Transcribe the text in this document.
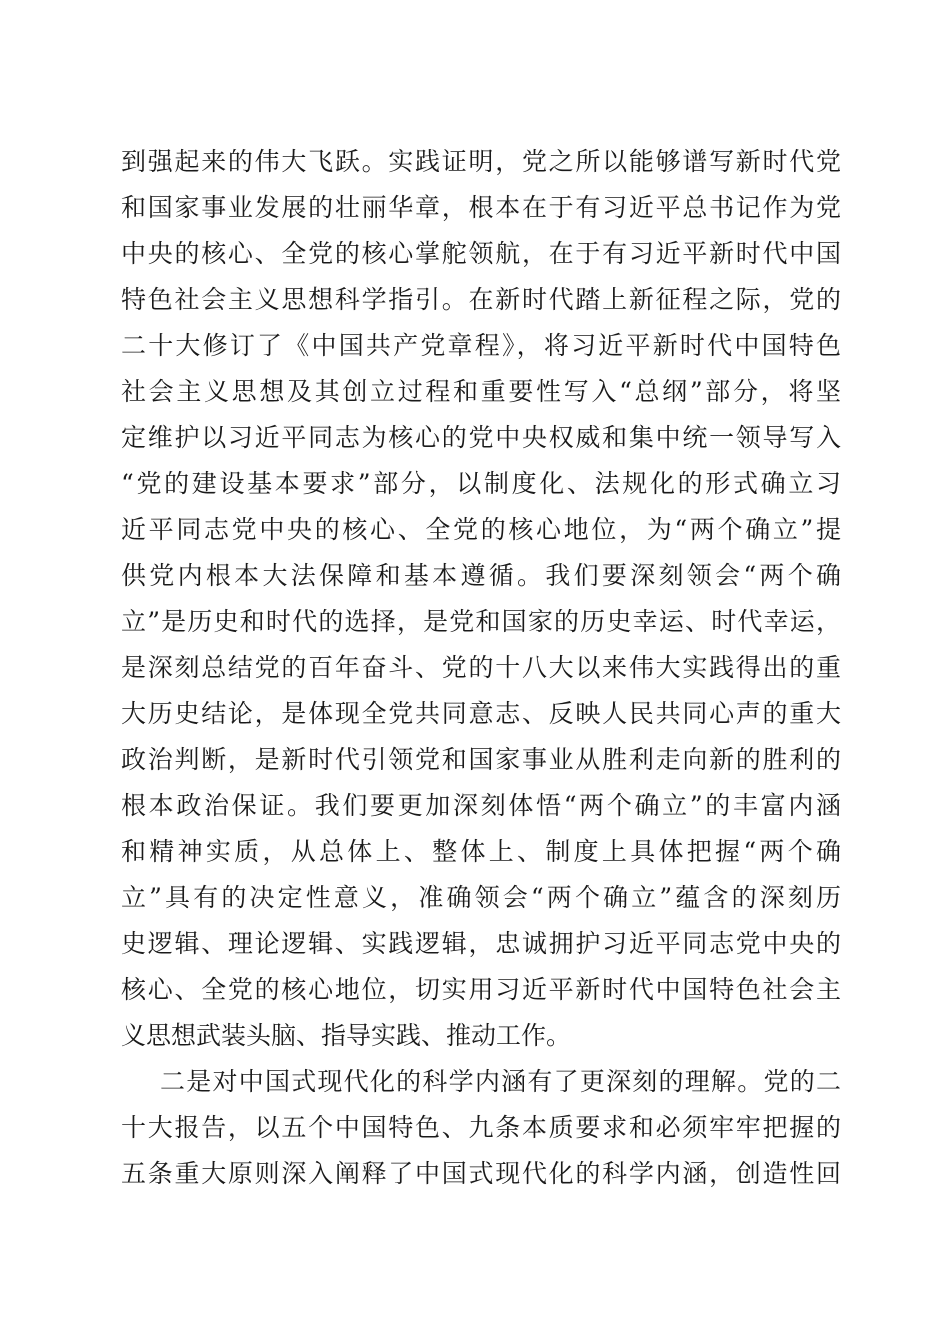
到强起来的伟大飞跃。实践证明，党之所以能够谱写新时代党
和国家事业发展的壮丽华章，根本在于有习近平总书记作为党
中央的核心、全党的核心掌舵领航，在于有习近平新时代中国
特色社会主义思想科学指引。在新时代踏上新征程之际，党的
二十大修订了《中国共产党章程》，将习近平新时代中国特色
社会主义思想及其创立过程和重要性写入“总纲”部分，将坚
定维护以习近平同志为核心的党中央权威和集中统一领导写入
“党的建设基本要求”部分，以制度化、法规化的形式确立习
近平同志党中央的核心、全党的核心地位，为“两个确立”提
供党内根本大法保障和基本遵循。我们要深刻领会“两个确
立”是历史和时代的选择，是党和国家的历史幸运、时代幸运，
是深刻总结党的百年奋斗、党的十八大以来伟大实践得出的重
大历史结论，是体现全党共同意志、反映人民共同心声的重大
政治判断，是新时代引领党和国家事业从胜利走向新的胜利的
根本政治保证。我们要更加深刻体悟“两个确立”的丰富内涵
和精神实质，从总体上、整体上、制度上具体把握“两个确
立”具有的决定性意义，准确领会“两个确立”蕴含的深刻历
史逻辑、理论逻辑、实践逻辑，忠诚拥护习近平同志党中央的
核心、全党的核心地位，切实用习近平新时代中国特色社会主
义思想武装头脑、指导实践、推动工作。
二是对中国式现代化的科学内涵有了更深刻的理解。党的二
十大报告，以五个中国特色、九条本质要求和必须牢牢把握的
五条重大原则深入阐释了中国式现代化的科学内涵，创造性回
